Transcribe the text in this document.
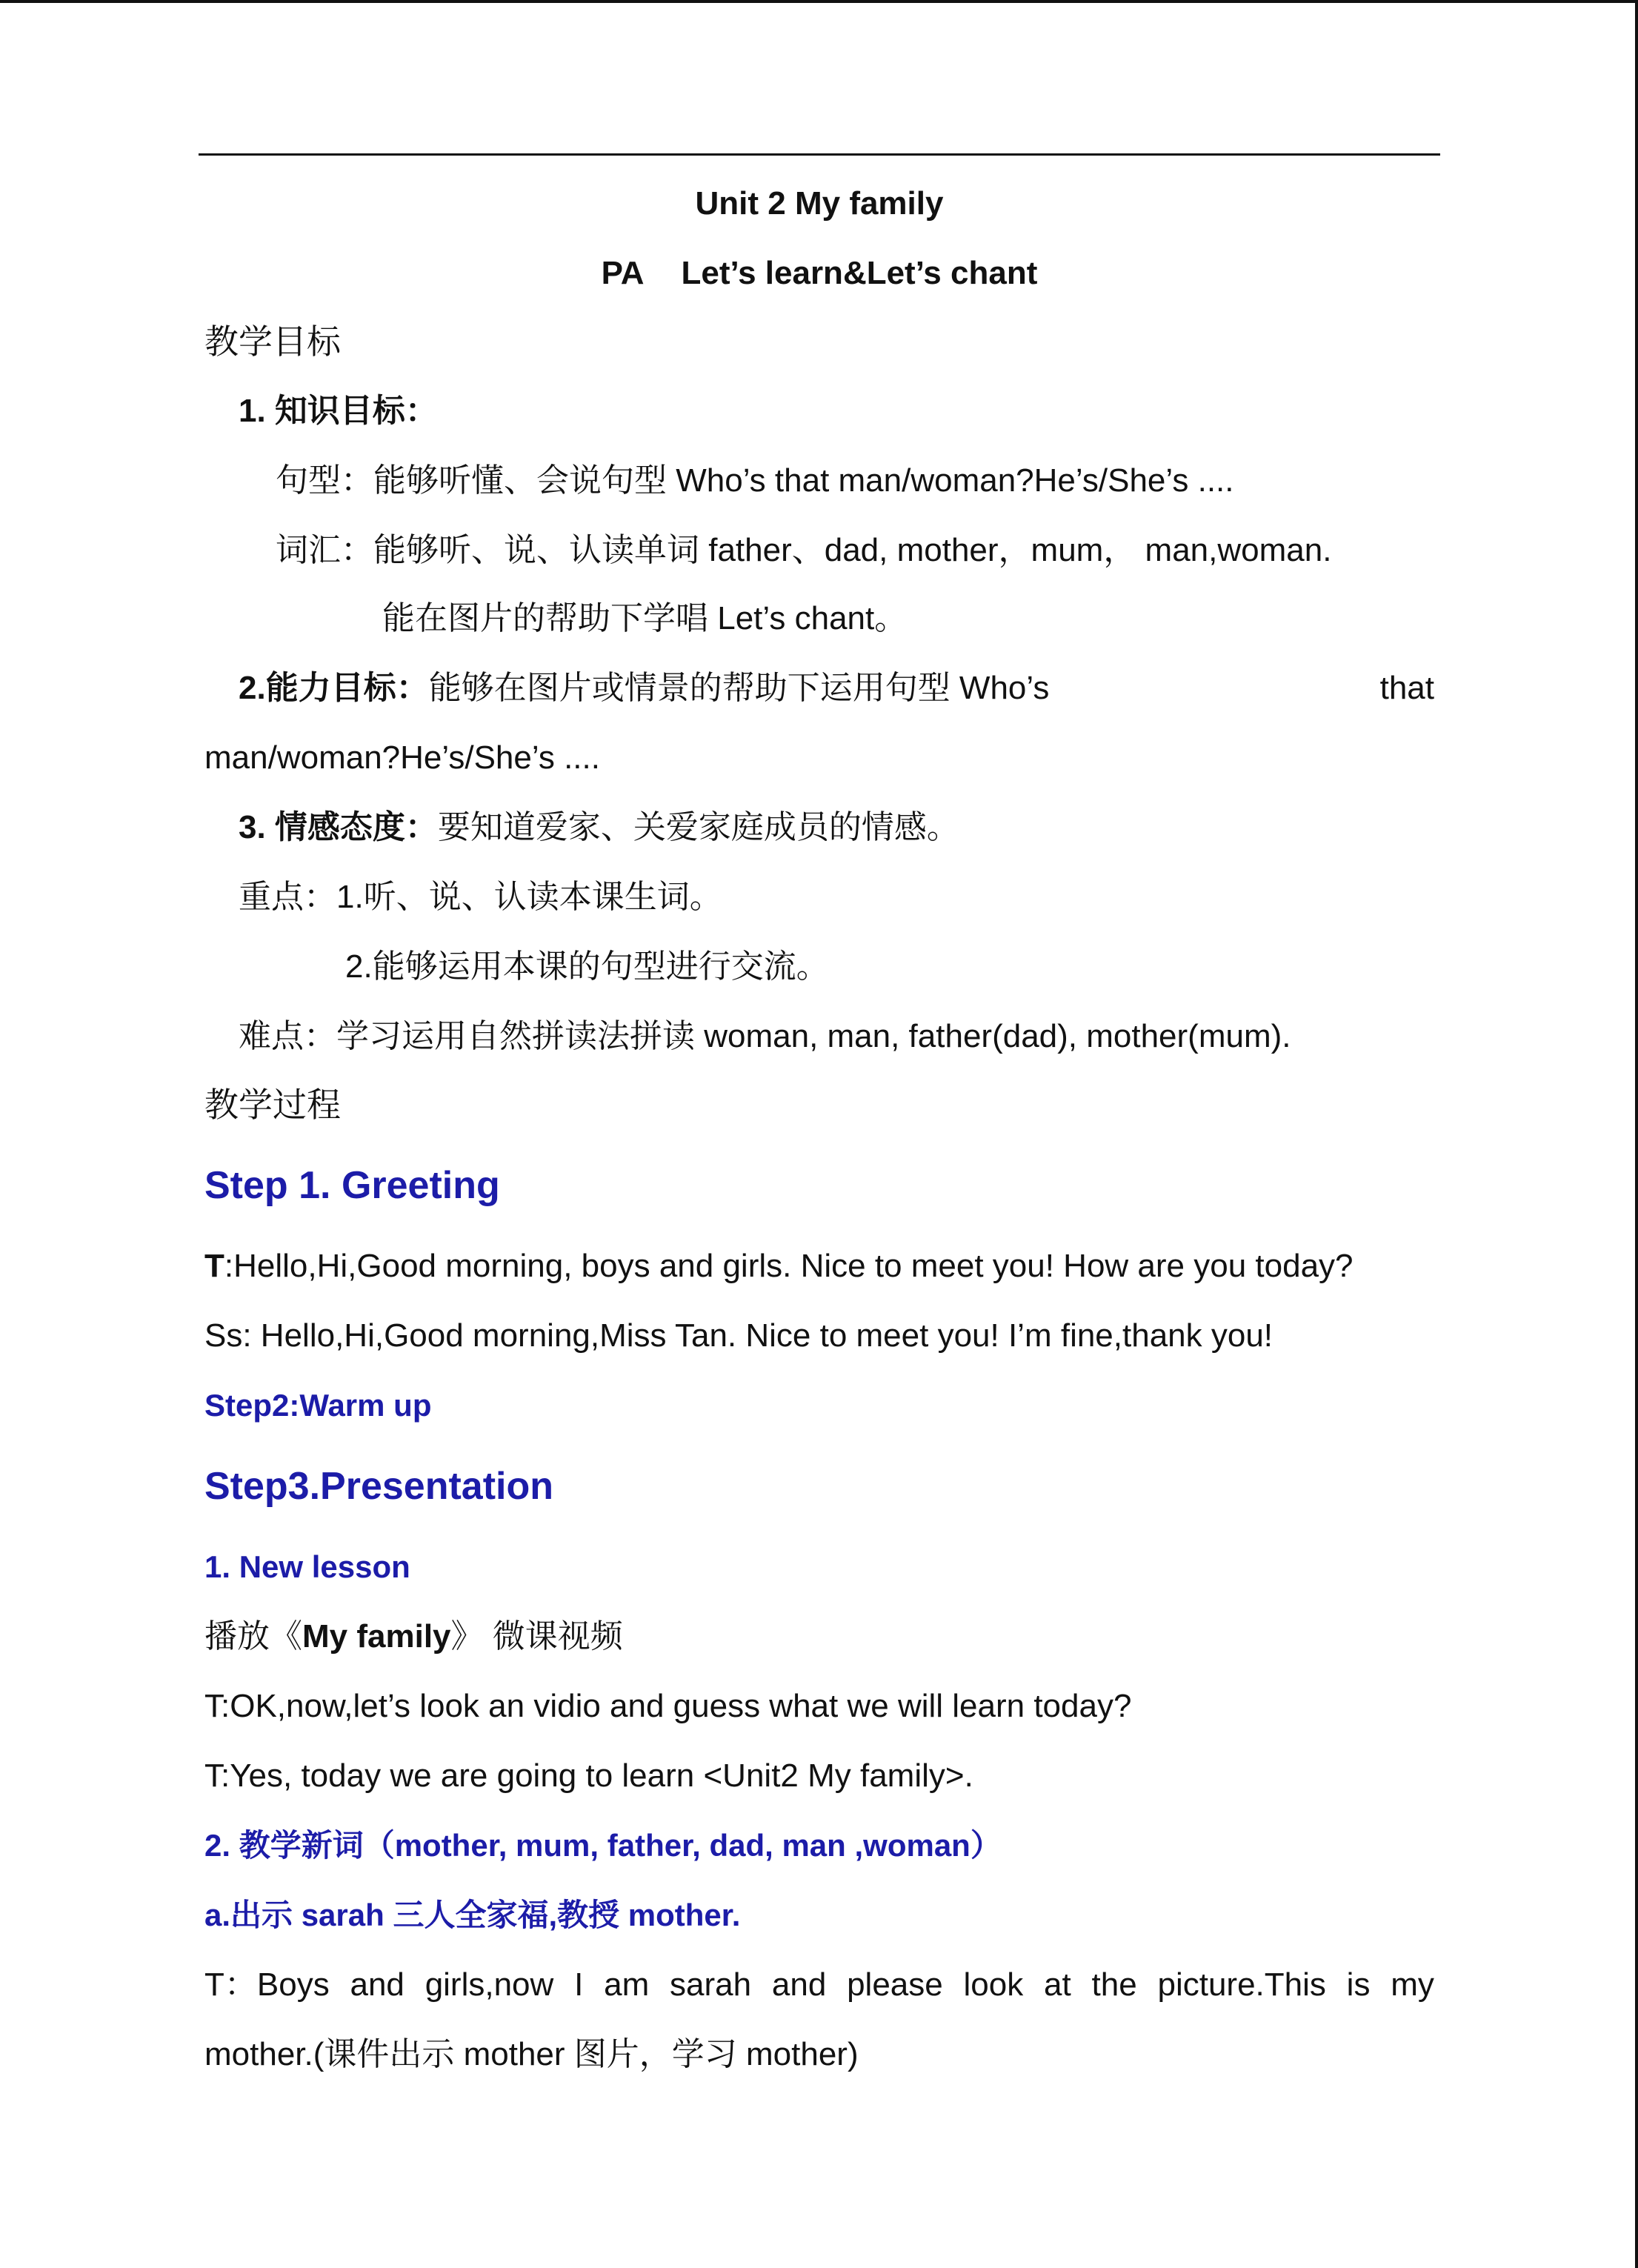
Unit 2 My family
PA Let’s learn&Let’s chant
教学目标
1. 知识目标：
句型：能够听懂、会说句型 Who’s that man/woman?He’s/She’s ....
词汇：能够听、说、认读单词 father、dad, mother，mum， man,woman.
能在图片的帮助下学唱 Let’s chant。
2.能力目标：能够在图片或情景的帮助下运用句型 Who’s	that
man/woman?He’s/She’s ....
3. 情感态度：要知道爱家、关爱家庭成员的情感。
重点：1.听、说、认读本课生词。
2.能够运用本课的句型进行交流。
难点：学习运用自然拼读法拼读 woman, man, father(dad), mother(mum).
教学过程
Step 1. Greeting
T:Hello,Hi,Good morning, boys and girls. Nice to meet you! How are you today?
Ss: Hello,Hi,Good morning,Miss Tan. Nice to meet you! I’m fine,thank you!
Step2:Warm up
Step3.Presentation
1. New lesson
播放《My family》 微课视频
T:OK,now,let’s look an vidio and guess what we will learn today?
T:Yes, today we are going to learn <Unit2 My family>.
2. 教学新词（mother, mum, father, dad, man ,woman）
a.出示 sarah 三人全家福,教授 mother.
T：Boys and girls,now I am sarah and please look at the picture.This is my
mother.(课件出示 mother 图片，学习 mother)
